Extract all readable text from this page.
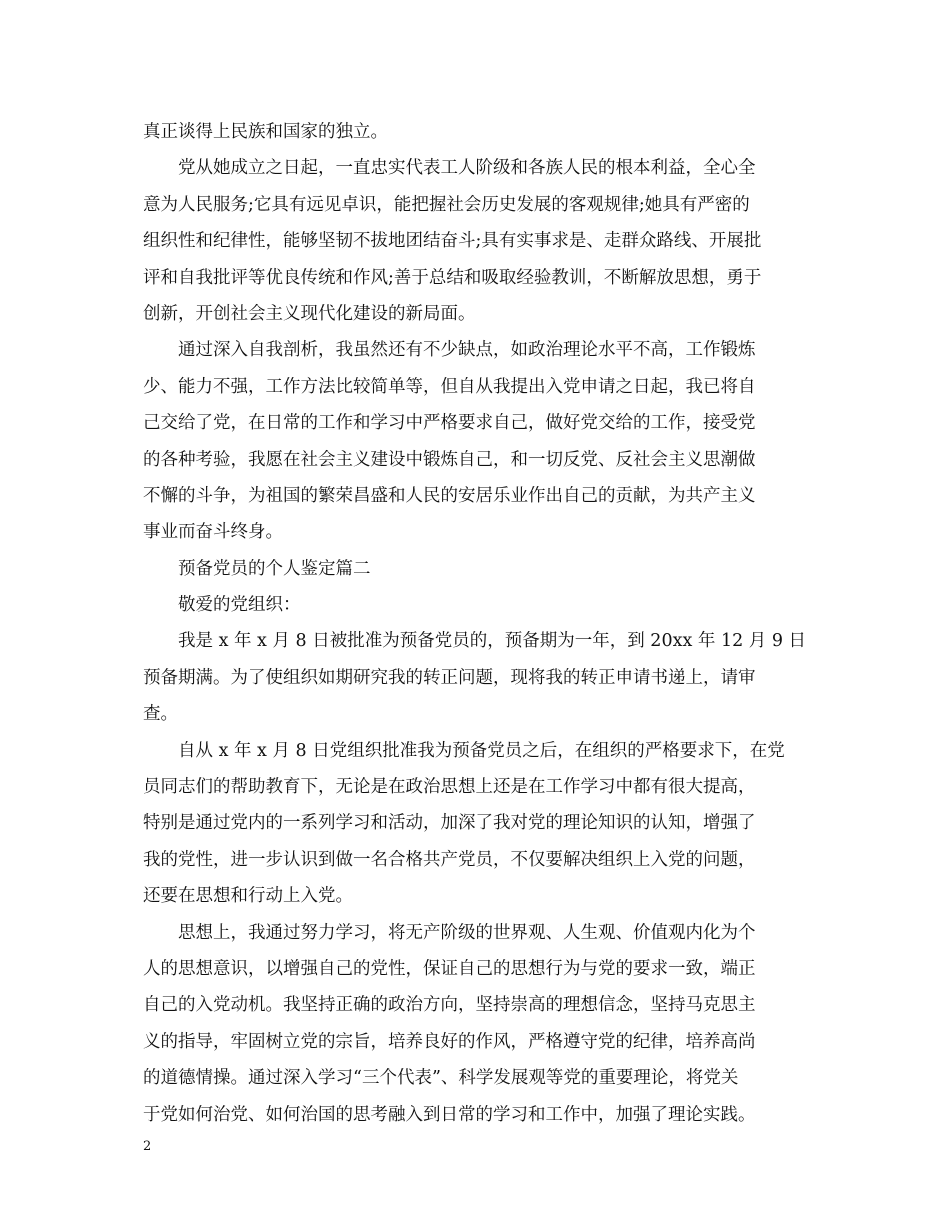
真正谈得上民族和国家的独立。
党从她成立之日起，一直忠实代表工人阶级和各族人民的根本利益，全心全
意为人民服务;它具有远见卓识，能把握社会历史发展的客观规律;她具有严密的
组织性和纪律性，能够坚韧不拔地团结奋斗;具有实事求是、走群众路线、开展批
评和自我批评等优良传统和作风;善于总结和吸取经验教训，不断解放思想，勇于
创新，开创社会主义现代化建设的新局面。
通过深入自我剖析，我虽然还有不少缺点，如政治理论水平不高，工作锻炼
少、能力不强，工作方法比较简单等，但自从我提出入党申请之日起，我已将自
己交给了党，在日常的工作和学习中严格要求自己，做好党交给的工作，接受党
的各种考验，我愿在社会主义建设中锻炼自己，和一切反党、反社会主义思潮做
不懈的斗争，为祖国的繁荣昌盛和人民的安居乐业作出自己的贡献，为共产主义
事业而奋斗终身。
预备党员的个人鉴定篇二
敬爱的党组织：
我是 x 年 x 月 8 日被批准为预备党员的，预备期为一年，到 20xx 年 12 月 9 日
预备期满。为了使组织如期研究我的转正问题，现将我的转正申请书递上，请审
查。
自从 x 年 x 月 8 日党组织批准我为预备党员之后，在组织的严格要求下，在党
员同志们的帮助教育下，无论是在政治思想上还是在工作学习中都有很大提高，
特别是通过党内的一系列学习和活动，加深了我对党的理论知识的认知，增强了
我的党性，进一步认识到做一名合格共产党员，不仅要解决组织上入党的问题，
还要在思想和行动上入党。
思想上，我通过努力学习，将无产阶级的世界观、人生观、价值观内化为个
人的思想意识，以增强自己的党性，保证自己的思想行为与党的要求一致，端正
自己的入党动机。我坚持正确的政治方向，坚持崇高的理想信念，坚持马克思主
义的指导，牢固树立党的宗旨，培养良好的作风，严格遵守党的纪律，培养高尚
的道德情操。通过深入学习“三个代表”、科学发展观等党的重要理论，将党关
于党如何治党、如何治国的思考融入到日常的学习和工作中，加强了理论实践。
2
